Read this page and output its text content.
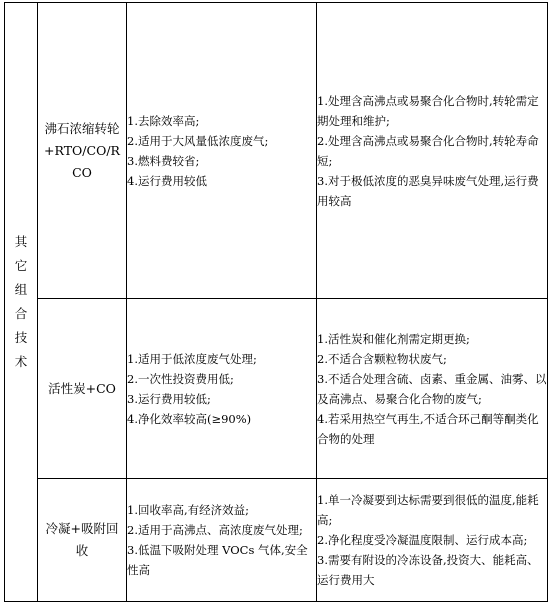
其它组合技术	沸石浓缩转轮+RTO/CO/RCO	1.去除效率高;
2.适用于大风量低浓度废气;
3.燃料费较省;
4.运行费用较低	1.处理含高沸点或易聚合化合物时,转轮需定期处理和维护;
2.处理含高沸点或易聚合化合物时,转轮寿命短;
3.对于极低浓度的恶臭异味废气处理,运行费用较高

	活性炭+CO	1.适用于低浓度废气处理;
2.一次性投资费用低;
3.运行费用较低;
4.净化效率较高(≥90%)	1.活性炭和催化剂需定期更换;
2.不适合含颗粒物状废气;
3.不适合处理含硫、卤素、重金属、油雾、以及高沸点、易聚合化合物的废气;
4.若采用热空气再生,不适合环己酮等酮类化合物的处理

	冷凝+吸附回收	1.回收率高,有经济效益;
2.适用于高沸点、高浓度废气处理;
3.低温下吸附处理 VOCs 气体,安全性高	1.单一冷凝要到达标需要到很低的温度,能耗高;
2.净化程度受冷凝温度限制、运行成本高;
3.需要有附设的冷冻设备,投资大、能耗高、运行费用大
